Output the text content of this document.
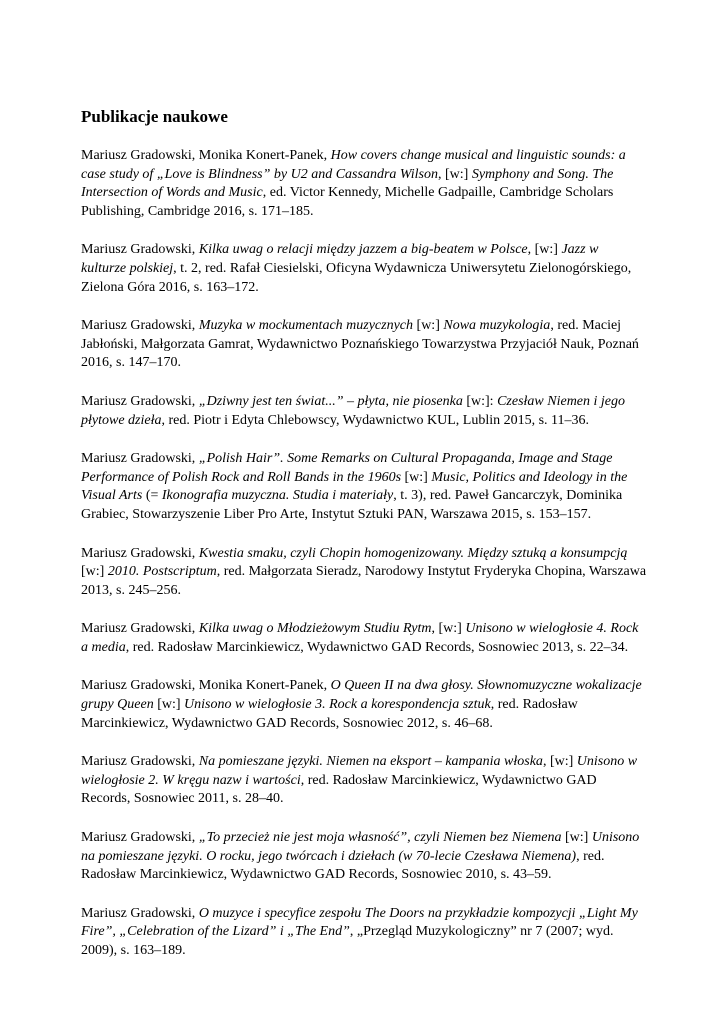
Publikacje naukowe

Mariusz Gradowski, Monika Konert-Panek, How covers change musical and linguistic sounds: a case study of „Love is Blindness” by U2 and Cassandra Wilson, [w:] Symphony and Song. The Intersection of Words and Music, ed. Victor Kennedy, Michelle Gadpaille, Cambridge Scholars Publishing, Cambridge 2016, s. 171–185.

Mariusz Gradowski, Kilka uwag o relacji między jazzem a big-beatem w Polsce, [w:] Jazz w kulturze polskiej, t. 2, red. Rafał Ciesielski, Oficyna Wydawnicza Uniwersytetu Zielonogórskiego, Zielona Góra 2016, s. 163–172.

Mariusz Gradowski, Muzyka w mockumentach muzycznych [w:] Nowa muzykologia, red. Maciej Jabłoński, Małgorzata Gamrat, Wydawnictwo Poznańskiego Towarzystwa Przyjaciół Nauk, Poznań 2016, s. 147–170.

Mariusz Gradowski, „Dziwny jest ten świat...” – płyta, nie piosenka [w:]: Czesław Niemen i jego płytowe dzieła, red. Piotr i Edyta Chlebowscy, Wydawnictwo KUL, Lublin 2015, s. 11–36.

Mariusz Gradowski, „Polish Hair”. Some Remarks on Cultural Propaganda, Image and Stage Performance of Polish Rock and Roll Bands in the 1960s [w:] Music, Politics and Ideology in the Visual Arts (= Ikonografia muzyczna. Studia i materiały, t. 3), red. Paweł Gancarczyk, Dominika Grabiec, Stowarzyszenie Liber Pro Arte, Instytut Sztuki PAN, Warszawa 2015, s. 153–157.

Mariusz Gradowski, Kwestia smaku, czyli Chopin homogenizowany. Między sztuką a konsumpcją [w:] 2010. Postscriptum, red. Małgorzata Sieradz, Narodowy Instytut Fryderyka Chopina, Warszawa 2013, s. 245–256.

Mariusz Gradowski, Kilka uwag o Młodzieżowym Studiu Rytm, [w:] Unisono w wielogłosie 4. Rock a media, red. Radosław Marcinkiewicz, Wydawnictwo GAD Records, Sosnowiec 2013, s. 22–34.

Mariusz Gradowski, Monika Konert-Panek, O Queen II na dwa głosy. Słownomuzyczne wokalizacje grupy Queen [w:] Unisono w wielogłosie 3. Rock a korespondencja sztuk, red. Radosław Marcinkiewicz, Wydawnictwo GAD Records, Sosnowiec 2012, s. 46–68.

Mariusz Gradowski, Na pomieszane języki. Niemen na eksport – kampania włoska, [w:] Unisono w wielogłosie 2. W kręgu nazw i wartości, red. Radosław Marcinkiewicz, Wydawnictwo GAD Records, Sosnowiec 2011, s. 28–40.

Mariusz Gradowski, „To przecież nie jest moja własność”, czyli Niemen bez Niemena [w:] Unisono na pomieszane języki. O rocku, jego twórcach i dziełach (w 70-lecie Czesława Niemena), red. Radosław Marcinkiewicz, Wydawnictwo GAD Records, Sosnowiec 2010, s. 43–59.

Mariusz Gradowski, O muzyce i specyfice zespołu The Doors na przykładzie kompozycji „Light My Fire”, „Celebration of the Lizard” i „The End”, „Przegląd Muzykologiczny” nr 7 (2007; wyd. 2009), s. 163–189.
